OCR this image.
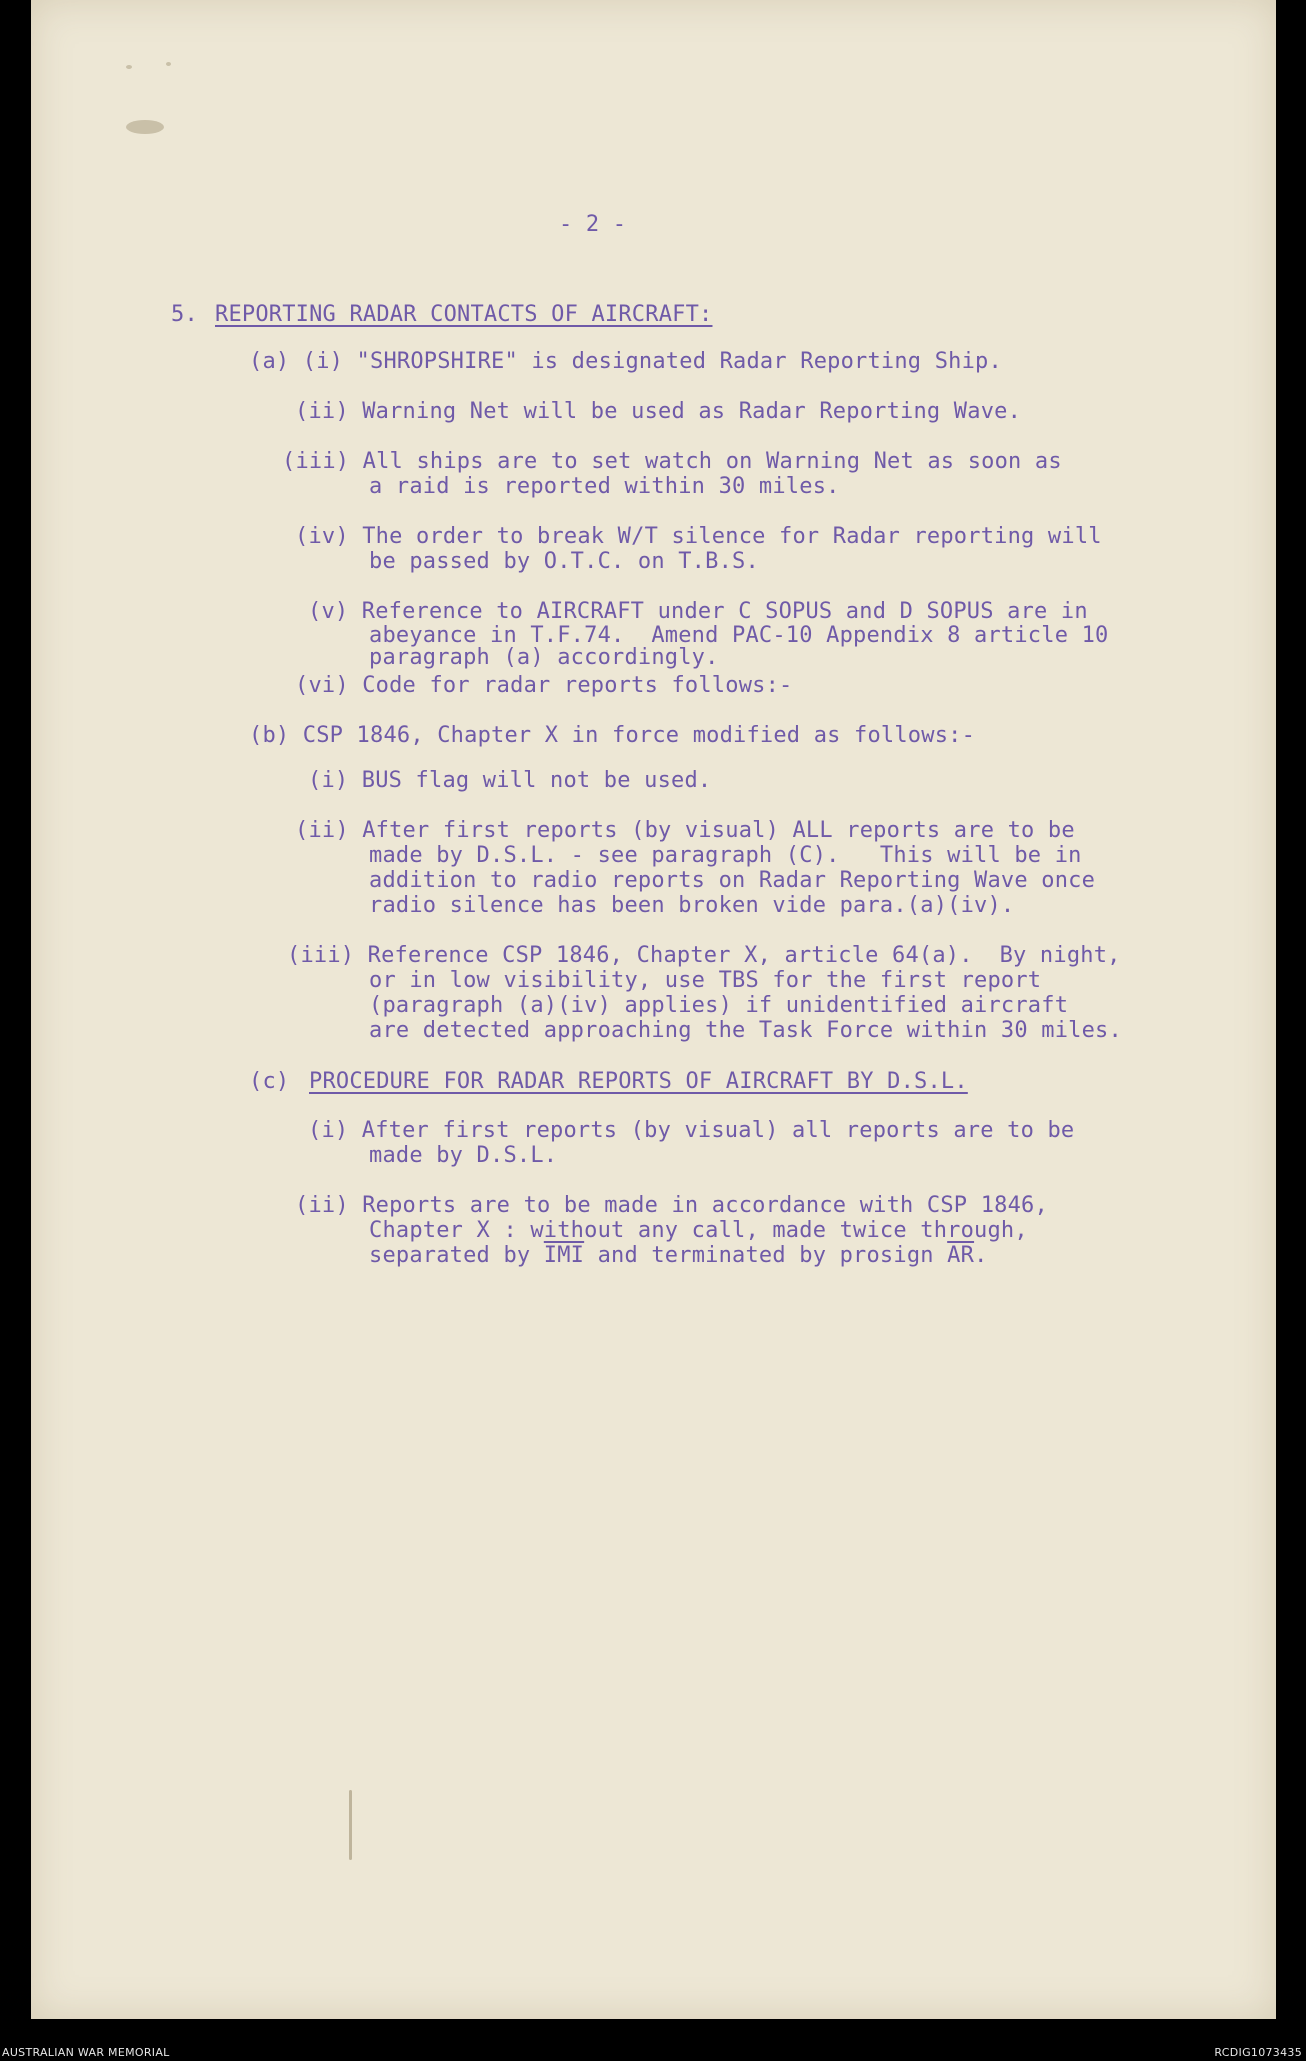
- 2 -
5. REPORTING RADAR CONTACTS OF AIRCRAFT:
(a) (i) "SHROPSHIRE" is designated Radar Reporting Ship.
(ii) Warning Net will be used as Radar Reporting Wave.
(iii) All ships are to set watch on Warning Net as soon as
a raid is reported within 30 miles.
(iv) The order to break W/T silence for Radar reporting will
be passed by O.T.C. on T.B.S.
(v) Reference to AIRCRAFT under C SOPUS and D SOPUS are in
abeyance in T.F.74.  Amend PAC-10 Appendix 8 article 10
paragraph (a) accordingly.
(vi) Code for radar reports follows:-
(b) CSP 1846, Chapter X in force modified as follows:-
(i) BUS flag will not be used.
(ii) After first reports (by visual) ALL reports are to be
made by D.S.L. - see paragraph (C).   This will be in
addition to radio reports on Radar Reporting Wave once
radio silence has been broken vide para.(a)(iv).
(iii) Reference CSP 1846, Chapter X, article 64(a).  By night,
or in low visibility, use TBS for the first report
(paragraph (a)(iv) applies) if unidentified aircraft
are detected approaching the Task Force within 30 miles.
(c) PROCEDURE FOR RADAR REPORTS OF AIRCRAFT BY D.S.L.
(i) After first reports (by visual) all reports are to be
made by D.S.L.
(ii) Reports are to be made in accordance with CSP 1846,
Chapter X : without any call, made twice through,
separated by $\overline{IMI}$ and terminated by prosign $\overline{AR}$.
AUSTRALIAN WAR MEMORIAL	RCDIG1073435
